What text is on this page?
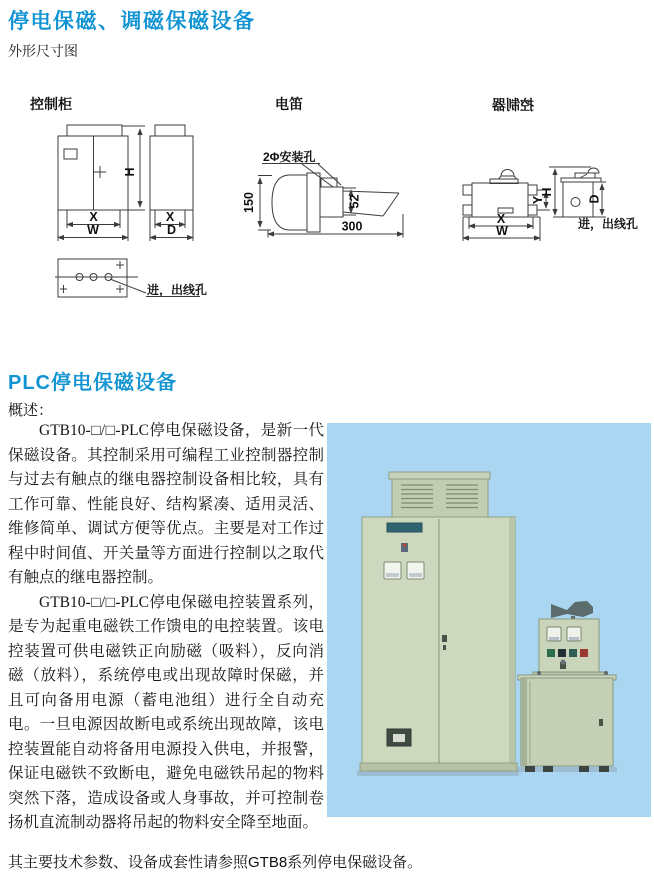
停电保磁、调磁保磁设备
外形尺寸图
控制柜
H
X
W
X
D
进，出线孔
电笛
2Φ安装孔
150	52
300
控制器
X
W
Y
H
D
进，出线孔
PLC停电保磁设备
概述：

GTB10-□/□-PLC停电保磁设备，是新一代保磁设备。其控制采用可编程工业控制器控制与过去有触点的继电器控制设备相比较，具有工作可靠、性能良好、结构紧凑、适用灵活、维修简单、调试方便等优点。主要是对工作过程中时间值、开关量等方面进行控制以之取代有触点的继电器控制。

GTB10-□/□-PLC停电保磁电控装置系列，是专为起重电磁铁工作馈电的电控装置。该电控装置可供电磁铁正向励磁（吸料），反向消磁（放料），系统停电或出现故障时保磁，并且可向备用电源（蓄电池组）进行全自动充电。一旦电源因故断电或系统出现故障，该电控装置能自动将备用电源投入供电，并报警，保证电磁铁不致断电，避免电磁铁吊起的物料突然下落，造成设备或人身事故，并可控制卷扬机直流制动器将吊起的物料安全降至地面。

其主要技术参数、设备成套性请参照GTB8系列停电保磁设备。
